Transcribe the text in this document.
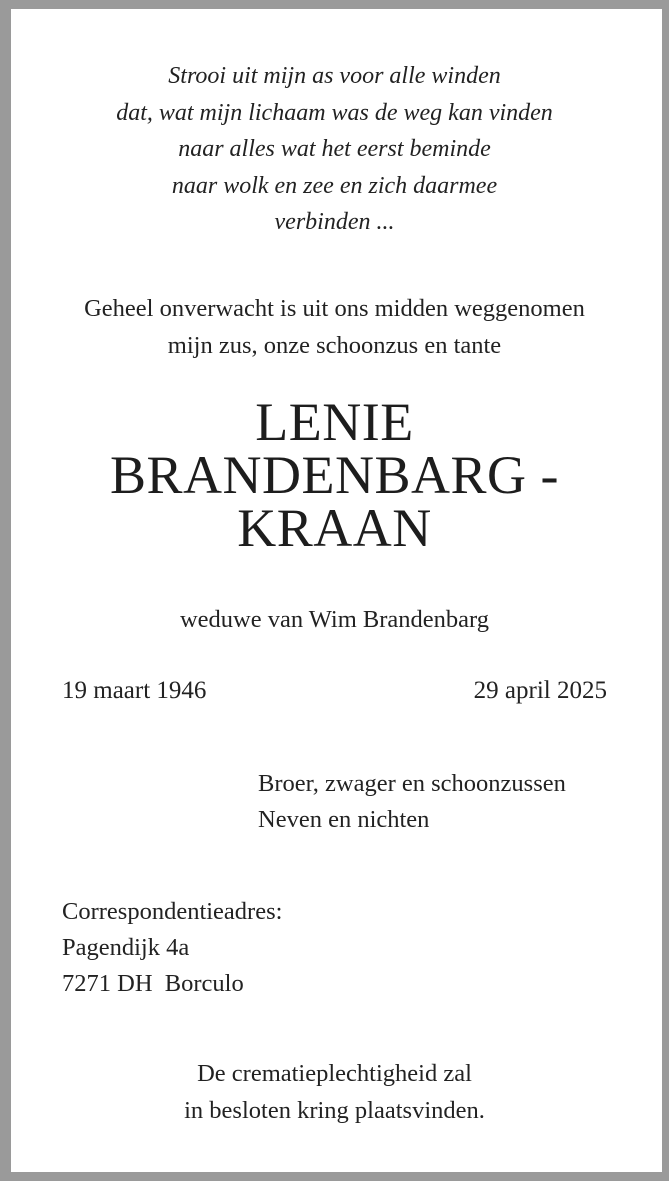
Strooi uit mijn as voor alle winden
dat, wat mijn lichaam was de weg kan vinden
naar alles wat het eerst beminde
naar wolk en zee en zich daarmee
verbinden ...
Geheel onverwacht is uit ons midden weggenomen
mijn zus, onze schoonzus en tante
LENIE
BRANDENBARG -
KRAAN
weduwe van Wim Brandenbarg
19 maart 1946	29 april 2025
Broer, zwager en schoonzussen
Neven en nichten
Correspondentieadres:
Pagendijk 4a
7271 DH  Borculo
De crematieplechtigheid zal
in besloten kring plaatsvinden.
